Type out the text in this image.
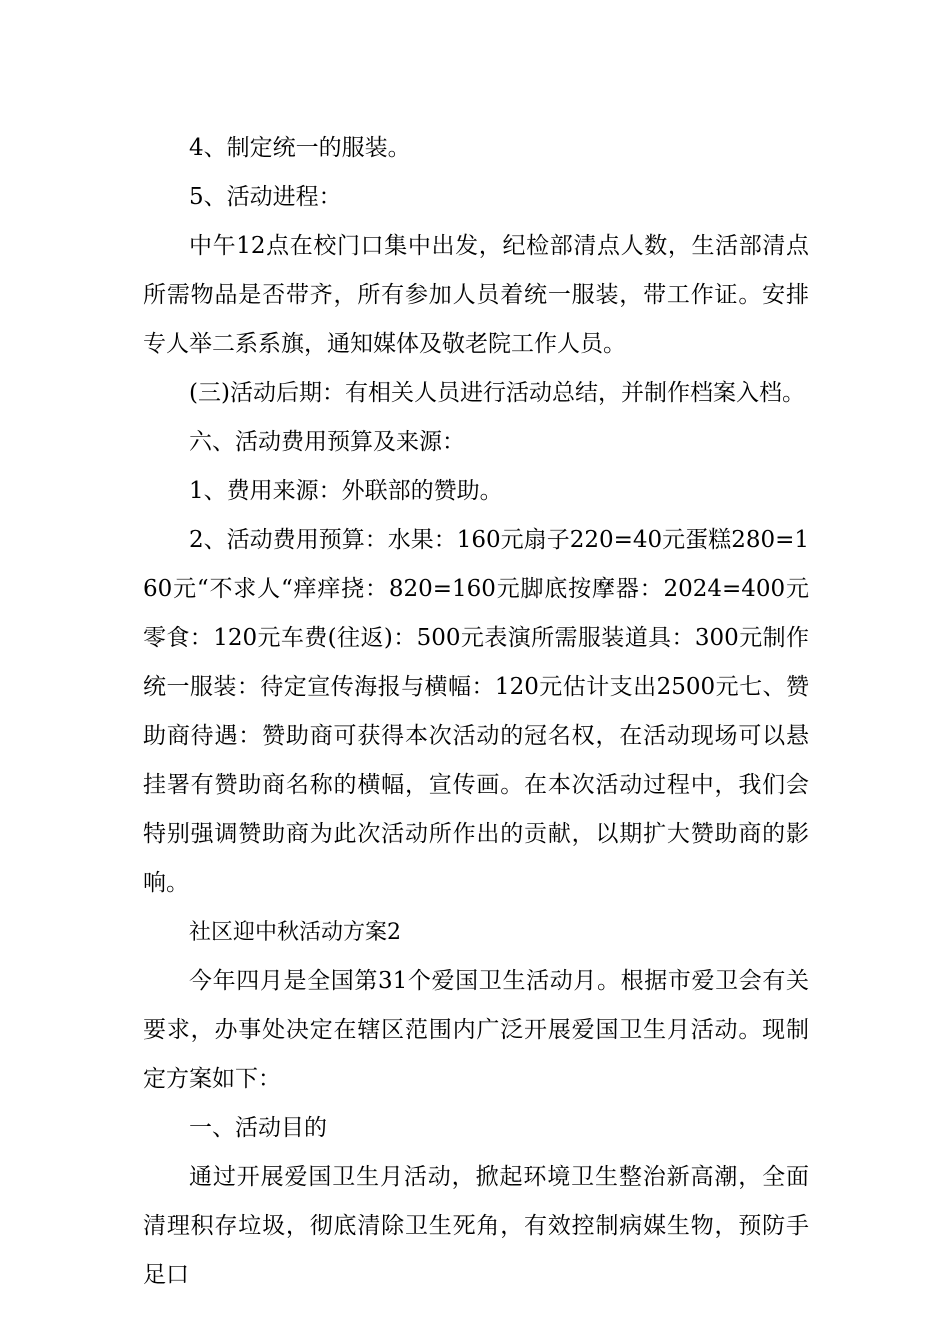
4、制定统一的服装。

5、活动进程：

中午12点在校门口集中出发，纪检部清点人数，生活部清点所需物品是否带齐，所有参加人员着统一服装，带工作证。安排专人举二系系旗，通知媒体及敬老院工作人员。

(三)活动后期：有相关人员进行活动总结，并制作档案入档。

六、活动费用预算及来源：

1、费用来源：外联部的赞助。

2、活动费用预算：水果：160元扇子220=40元蛋糕280=160元“不求人“痒痒挠：820=160元脚底按摩器：2024=400元零食：120元车费(往返)：500元表演所需服装道具：300元制作统一服装：待定宣传海报与横幅：120元估计支出2500元七、赞助商待遇：赞助商可获得本次活动的冠名权，在活动现场可以悬挂署有赞助商名称的横幅，宣传画。在本次活动过程中，我们会特别强调赞助商为此次活动所作出的贡献，以期扩大赞助商的影响。

社区迎中秋活动方案2

今年四月是全国第31个爱国卫生活动月。根据市爱卫会有关要求，办事处决定在辖区范围内广泛开展爱国卫生月活动。现制定方案如下：

一、活动目的

通过开展爱国卫生月活动，掀起环境卫生整治新高潮，全面清理积存垃圾，彻底清除卫生死角，有效控制病媒生物，预防手足口
